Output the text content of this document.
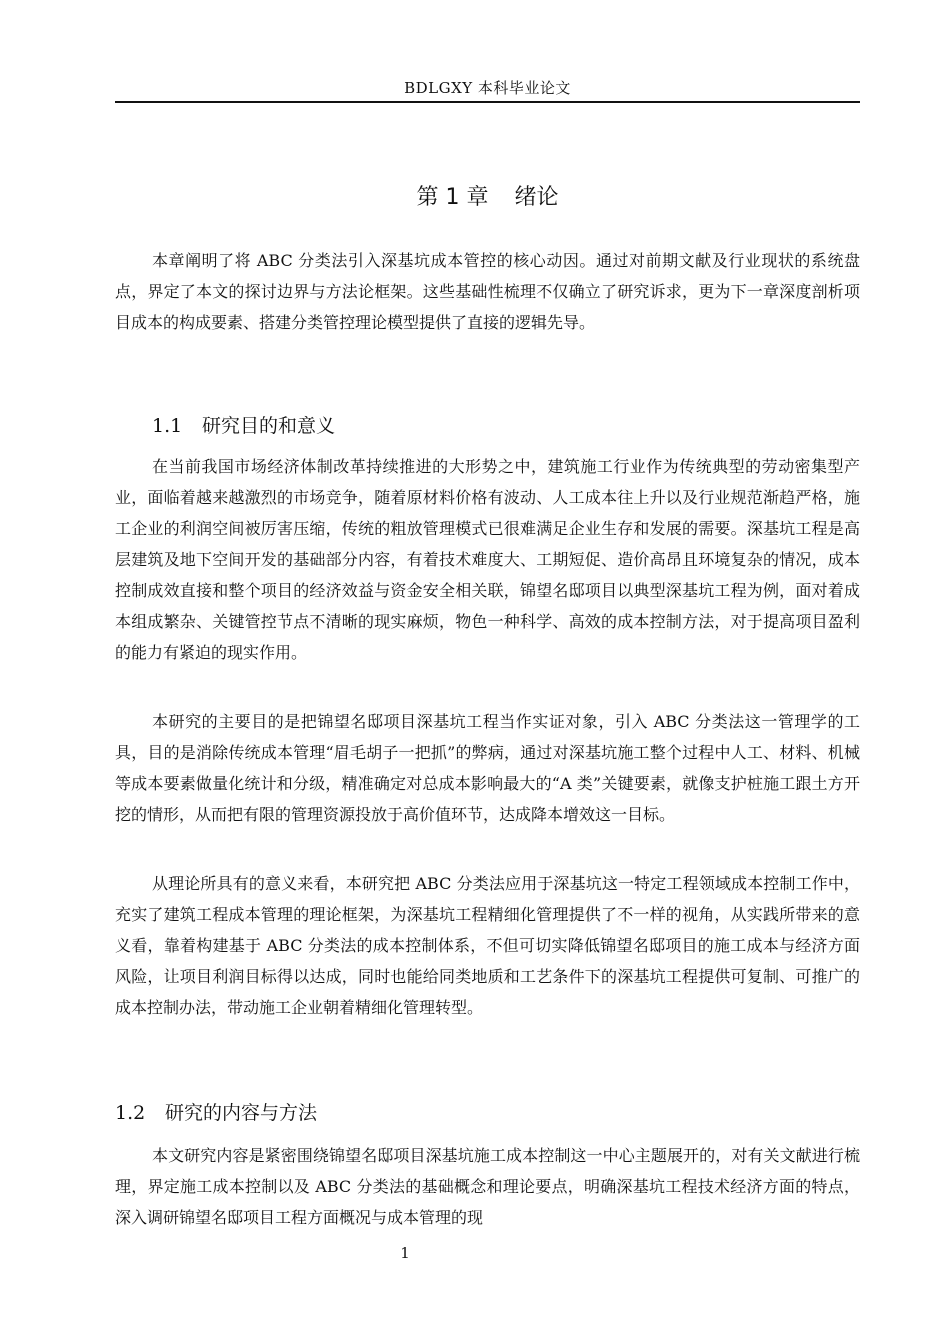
BDLGXY 本科毕业论文
第 1 章 绪论

本章阐明了将 ABC 分类法引入深基坑成本管控的核心动因。通过对前期文献及行业现状的系统盘点，界定了本文的探讨边界与方法论框架。这些基础性梳理不仅确立了研究诉求，更为下一章深度剖析项目成本的构成要素、搭建分类管控理论模型提供了直接的逻辑先导。

1.1 研究目的和意义

在当前我国市场经济体制改革持续推进的大形势之中，建筑施工行业作为传统典型的劳动密集型产业，面临着越来越激烈的市场竞争，随着原材料价格有波动、人工成本往上升以及行业规范渐趋严格，施工企业的利润空间被厉害压缩，传统的粗放管理模式已很难满足企业生存和发展的需要。深基坑工程是高层建筑及地下空间开发的基础部分内容，有着技术难度大、工期短促、造价高昂且环境复杂的情况，成本控制成效直接和整个项目的经济效益与资金安全相关联，锦望名邸项目以典型深基坑工程为例，面对着成本组成繁杂、关键管控节点不清晰的现实麻烦，物色一种科学、高效的成本控制方法，对于提高项目盈利的能力有紧迫的现实作用。

本研究的主要目的是把锦望名邸项目深基坑工程当作实证对象，引入 ABC 分类法这一管理学的工具，目的是消除传统成本管理“眉毛胡子一把抓”的弊病，通过对深基坑施工整个过程中人工、材料、机械等成本要素做量化统计和分级，精准确定对总成本影响最大的“A 类”关键要素，就像支护桩施工跟土方开挖的情形，从而把有限的管理资源投放于高价值环节，达成降本增效这一目标。

从理论所具有的意义来看，本研究把 ABC 分类法应用于深基坑这一特定工程领域成本控制工作中，充实了建筑工程成本管理的理论框架，为深基坑工程精细化管理提供了不一样的视角，从实践所带来的意义看，靠着构建基于 ABC 分类法的成本控制体系，不但可切实降低锦望名邸项目的施工成本与经济方面风险，让项目利润目标得以达成，同时也能给同类地质和工艺条件下的深基坑工程提供可复制、可推广的成本控制办法，带动施工企业朝着精细化管理转型。

1.2 研究的内容与方法

本文研究内容是紧密围绕锦望名邸项目深基坑施工成本控制这一中心主题展开的，对有关文献进行梳理，界定施工成本控制以及 ABC 分类法的基础概念和理论要点，明确深基坑工程技术经济方面的特点，深入调研锦望名邸项目工程方面概况与成本管理的现

1
